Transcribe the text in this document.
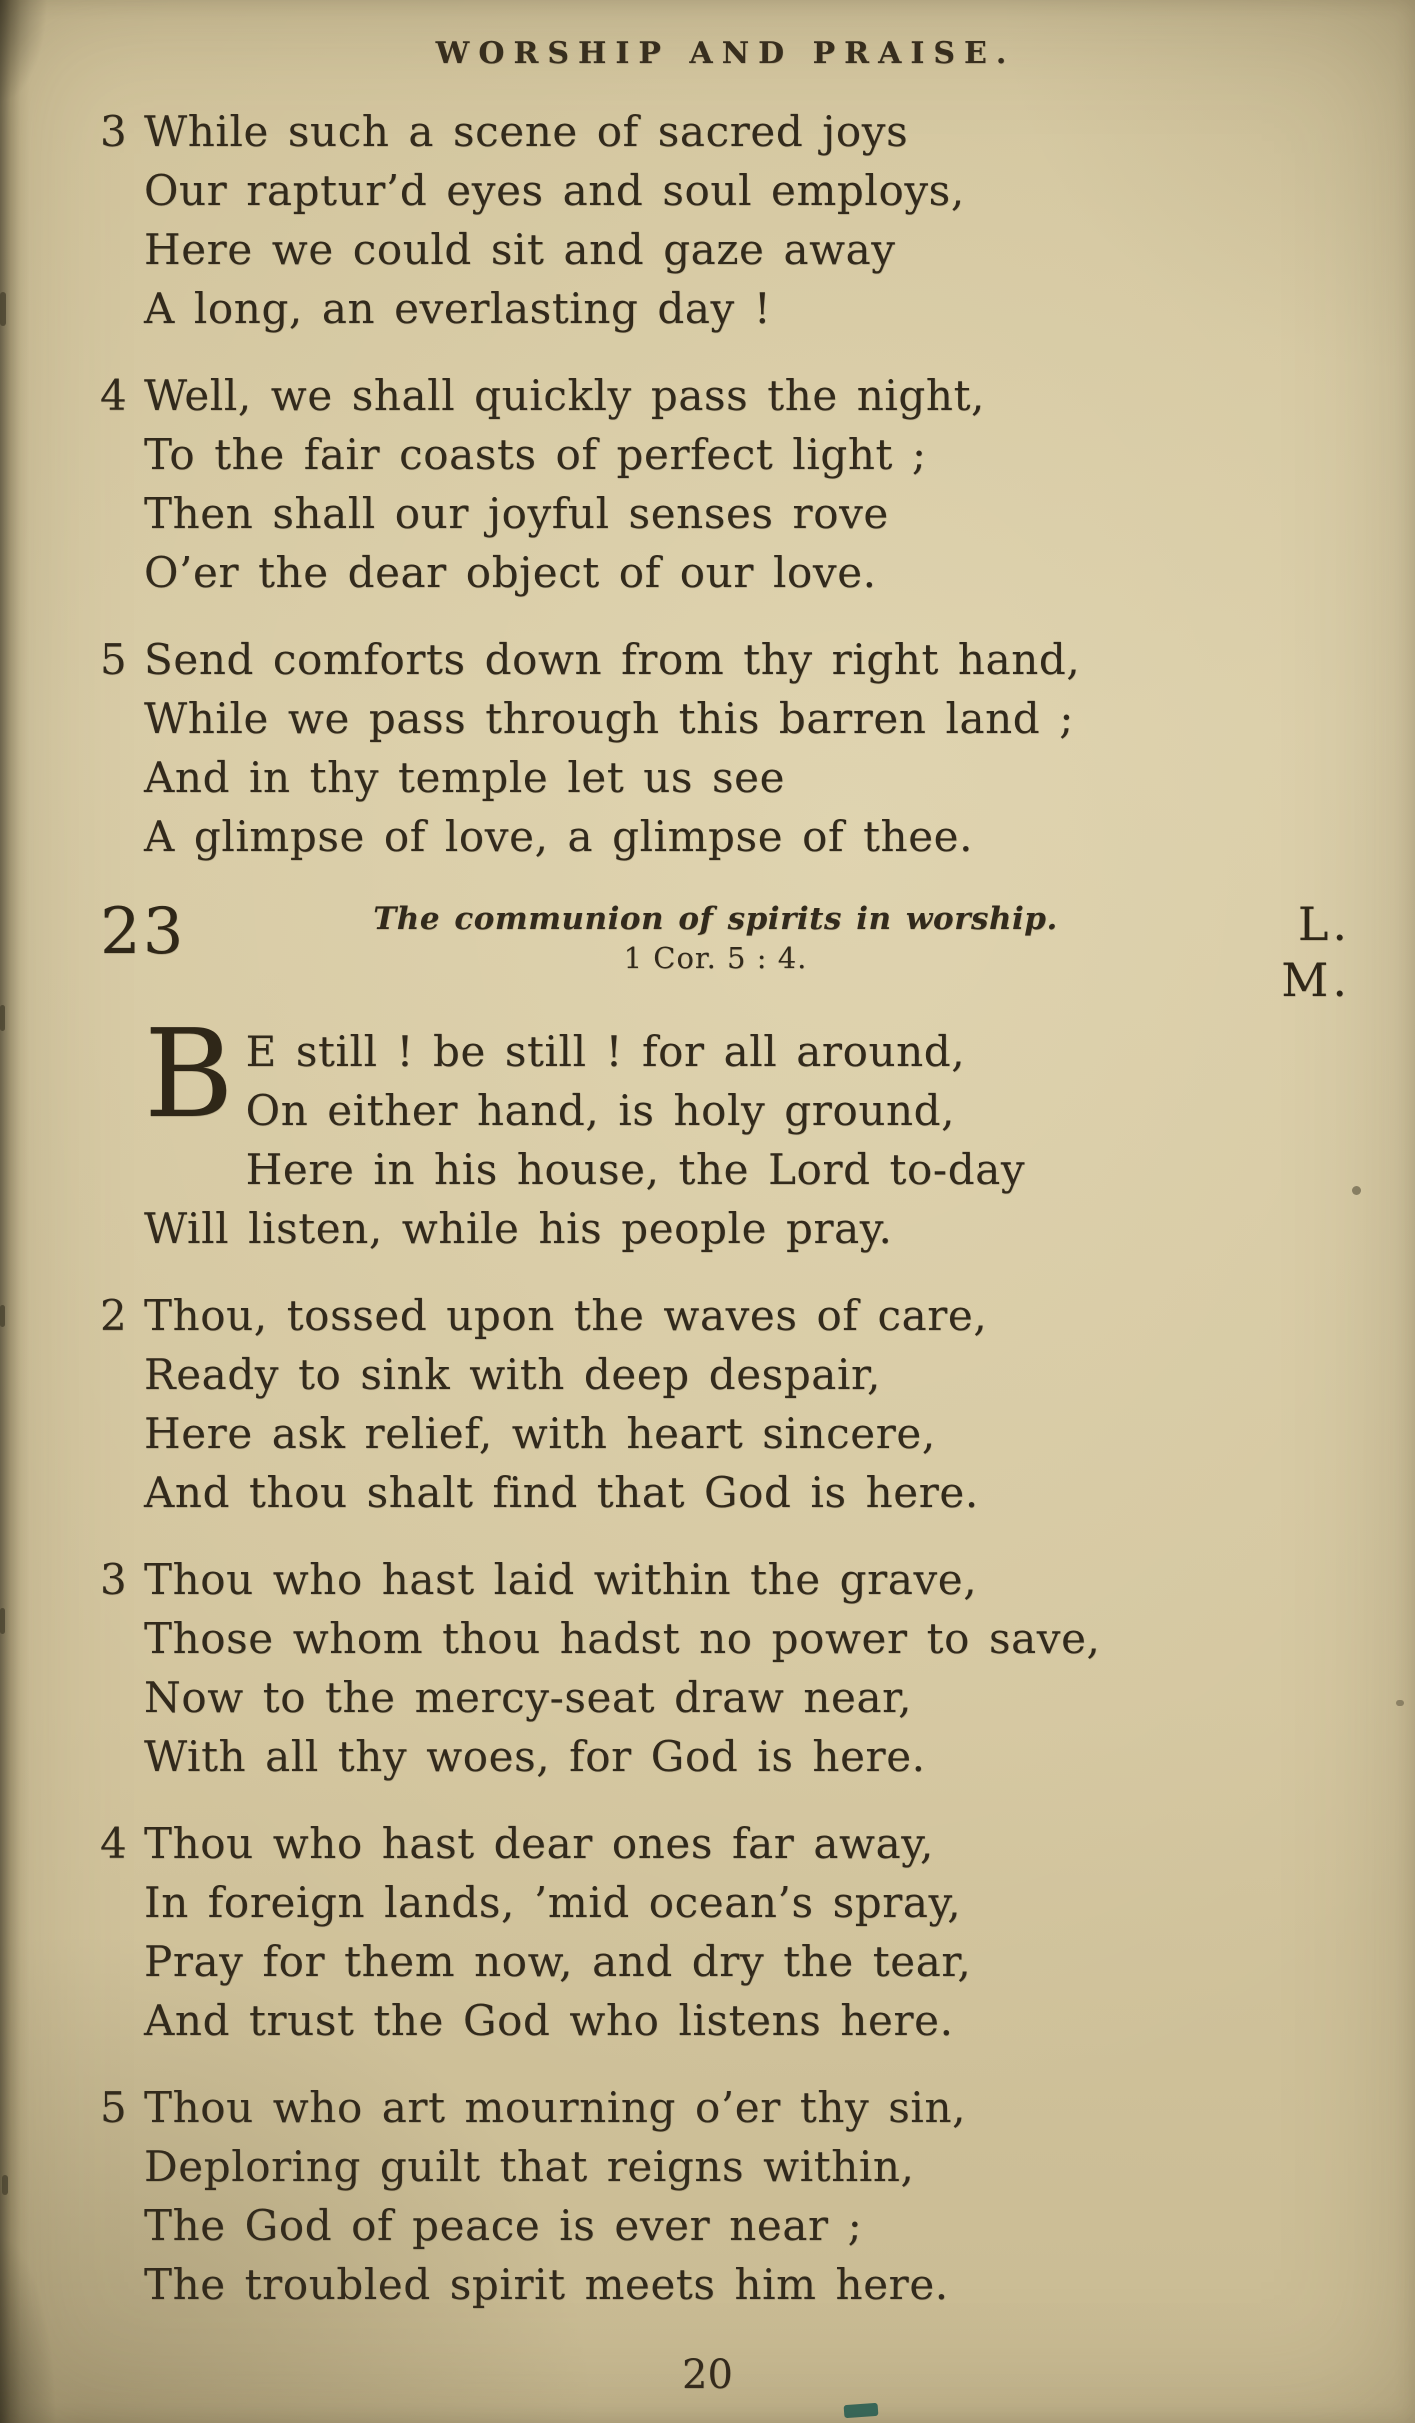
WORSHIP AND PRAISE.
3 While such a scene of sacred joys
Our raptur’d eyes and soul employs,
Here we could sit and gaze away
A long, an everlasting day !
4 Well, we shall quickly pass the night,
To the fair coasts of perfect light ;
Then shall our joyful senses rove
O’er the dear object of our love.
5 Send comforts down from thy right hand,
While we pass through this barren land ;
And in thy temple let us see
A glimpse of love, a glimpse of thee.
23	The communion of spirits in worship.
1 Cor. 5 : 4.
L. M.
B E still ! be still ! for all around,
On either hand, is holy ground,
Here in his house, the Lord to-day
Will listen, while his people pray.
2 Thou, tossed upon the waves of care,
Ready to sink with deep despair,
Here ask relief, with heart sincere,
And thou shalt find that God is here.
3 Thou who hast laid within the grave,
Those whom thou hadst no power to save,
Now to the mercy-seat draw near,
With all thy woes, for God is here.
4 Thou who hast dear ones far away,
In foreign lands, ’mid ocean’s spray,
Pray for them now, and dry the tear,
And trust the God who listens here.
5 Thou who art mourning o’er thy sin,
Deploring guilt that reigns within,
The God of peace is ever near ;
The troubled spirit meets him here.
20
